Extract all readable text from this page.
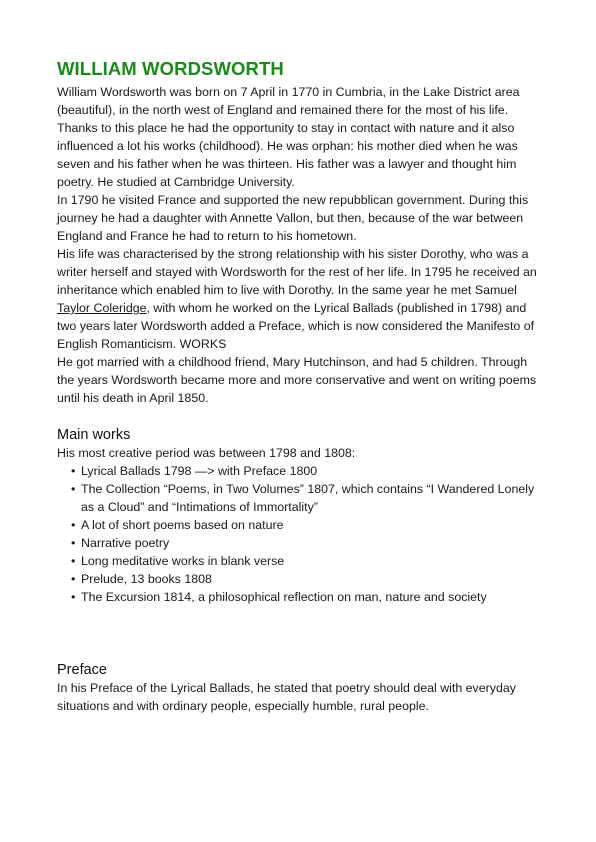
WILLIAM WORDSWORTH

William Wordsworth was born on 7 April in 1770 in Cumbria, in the Lake District area (beautiful), in the north west of England and remained there for the most of his life. Thanks to this place he had the opportunity to stay in contact with nature and it also influenced a lot his works (childhood). He was orphan: his mother died when he was seven and his father when he was thirteen. His father was a lawyer and thought him poetry. He studied at Cambridge University.

In 1790 he visited France and supported the new repubblican government. During this journey he had a daughter with Annette Vallon, but then, because of the war between England and France he had to return to his hometown.

His life was characterised by the strong relationship with his sister Dorothy, who was a writer herself and stayed with Wordsworth for the rest of her life. In 1795 he received an inheritance which enabled him to live with Dorothy. In the same year he met Samuel Taylor Coleridge, with whom he worked on the Lyrical Ballads (published in 1798) and two years later Wordsworth added a Preface, which is now considered the Manifesto of English Romanticism. WORKS

He got married with a childhood friend, Mary Hutchinson, and had 5 children. Through the years Wordsworth became more and more conservative and went on writing poems until his death in April 1850.

Main works

His most creative period was between 1798 and 1808:

• Lyrical Ballads 1798 —> with Preface 1800
• The Collection “Poems, in Two Volumes” 1807, which contains “I Wandered Lonely as a Cloud” and “Intimations of Immortality”
• A lot of short poems based on nature
• Narrative poetry
• Long meditative works in blank verse
• Prelude, 13 books 1808
• The Excursion 1814, a philosophical reflection on man, nature and society
Preface

In his Preface of the Lyrical Ballads, he stated that poetry should deal with everyday situations and with ordinary people, especially humble, rural people.
